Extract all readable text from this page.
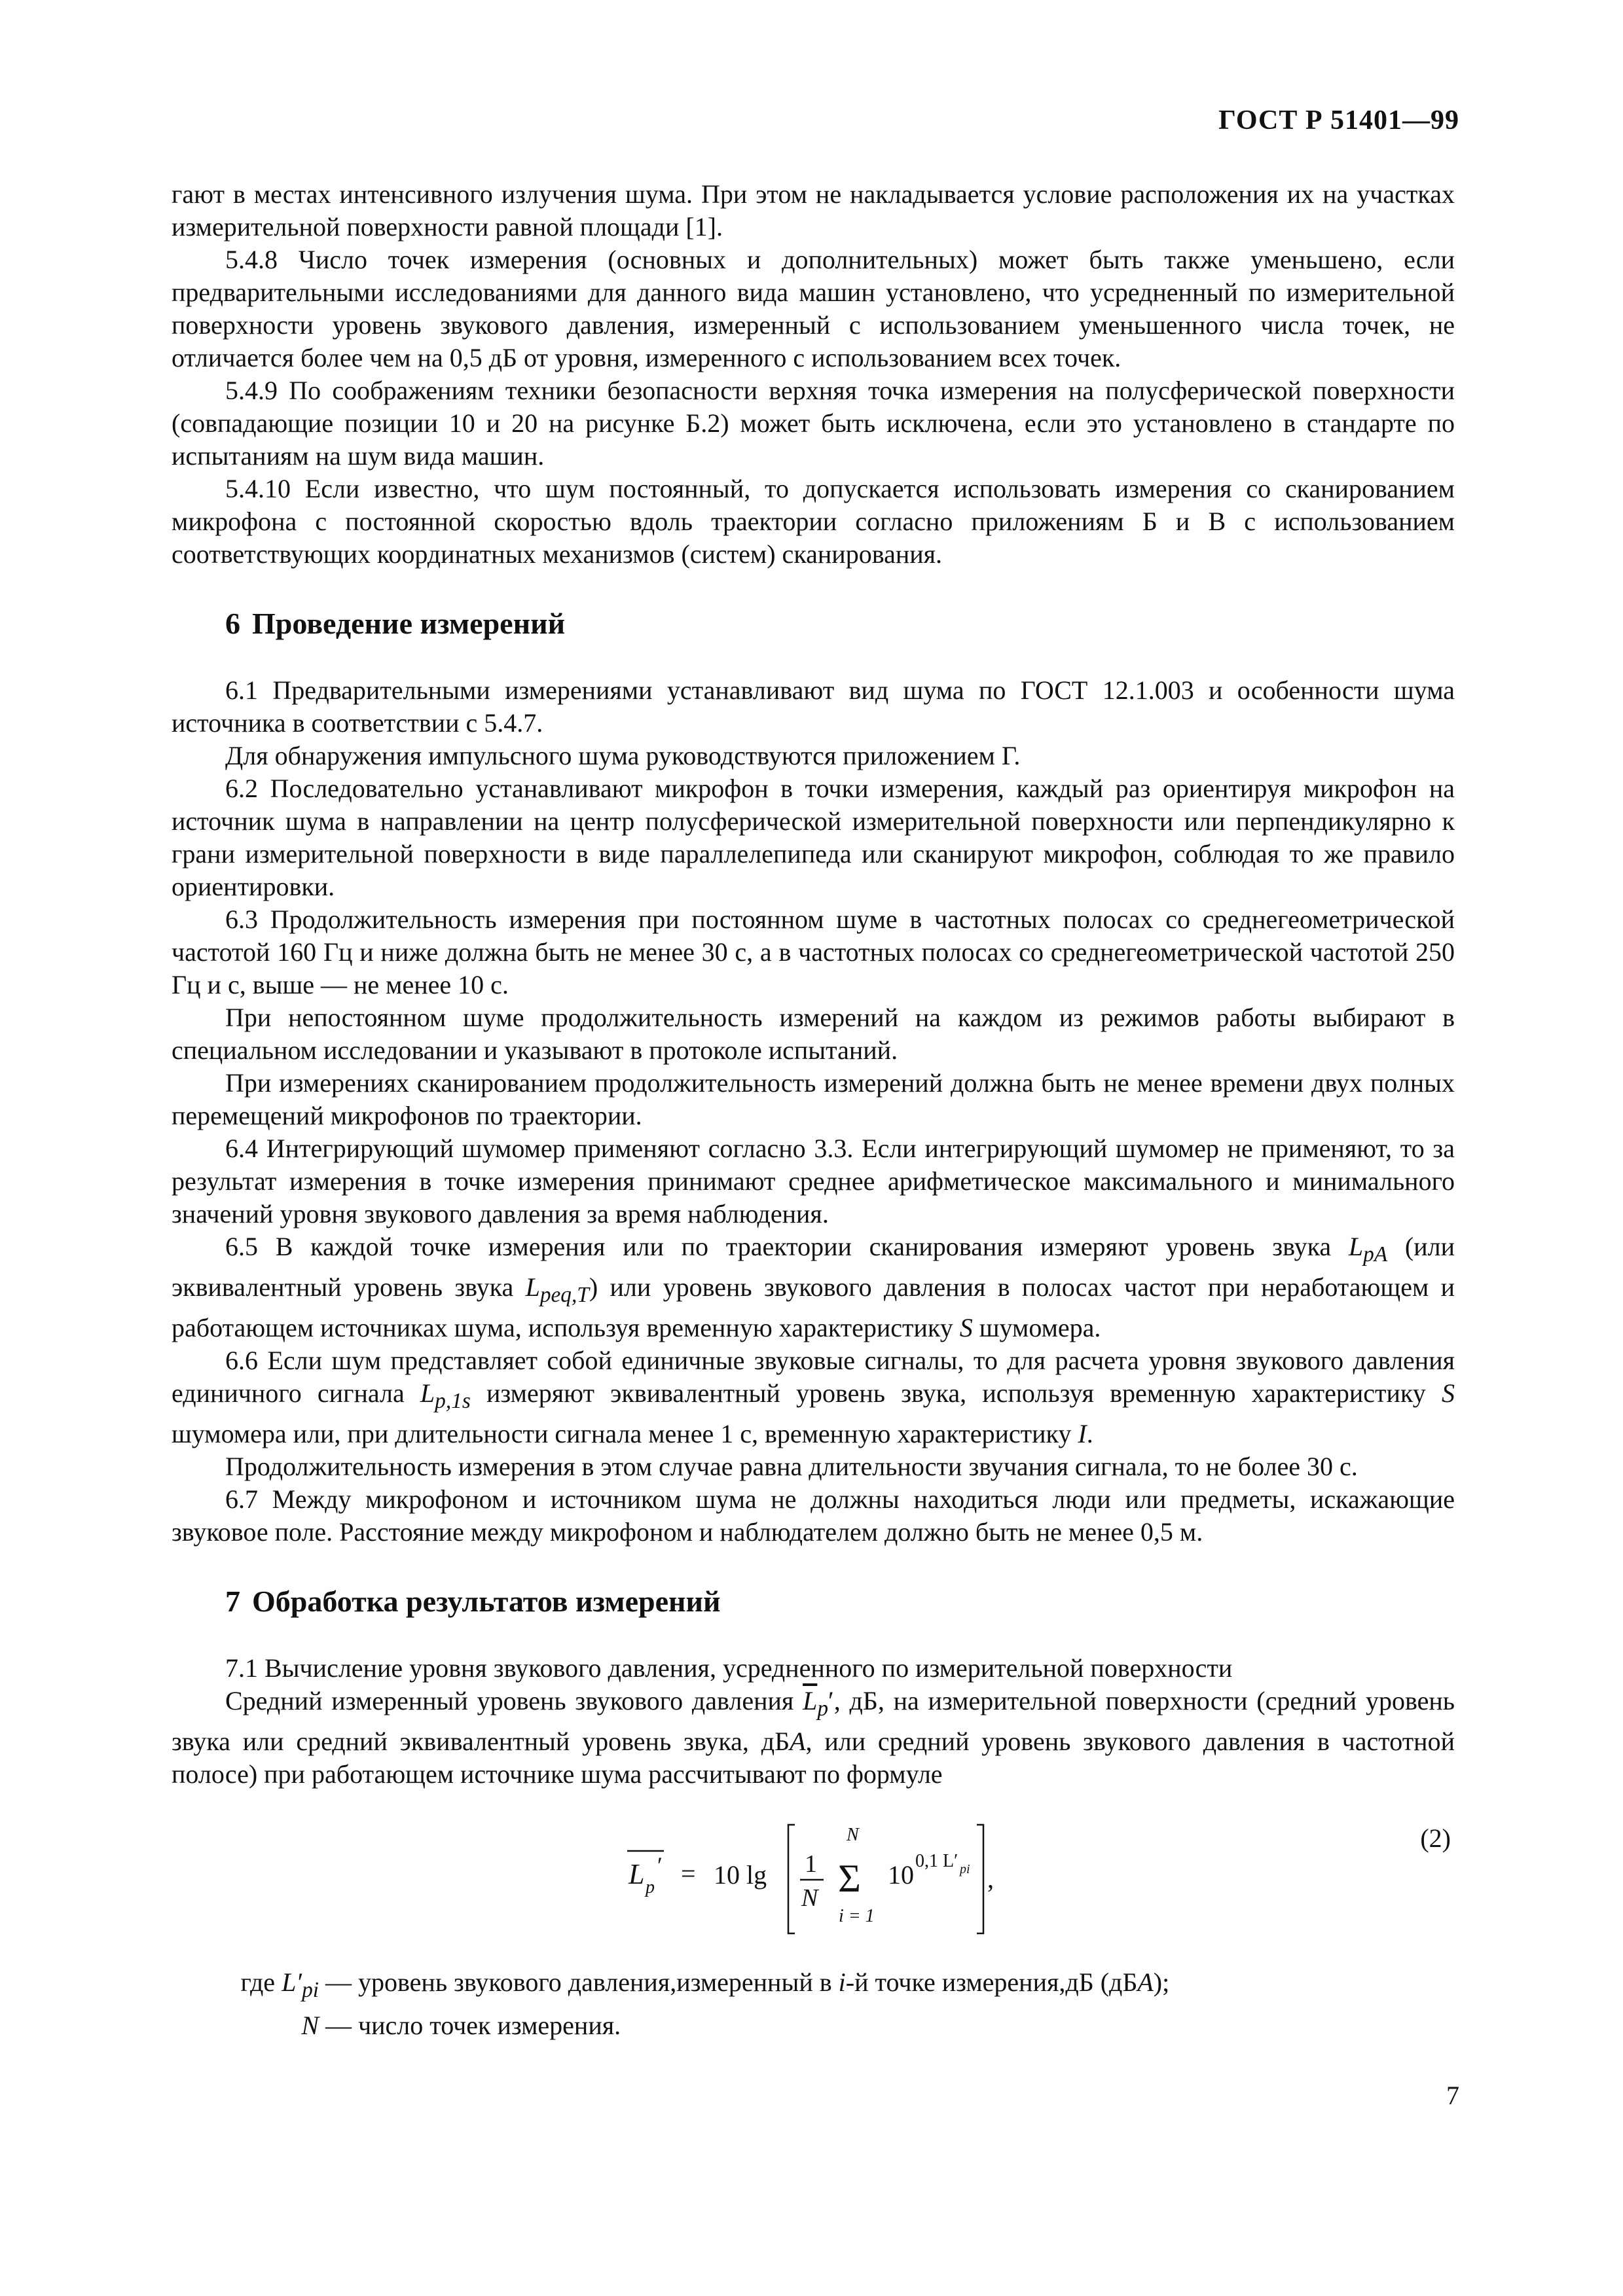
ГОСТ Р 51401—99

гают в местах интенсивного излучения шума. При этом не накладывается условие расположения их на участках измерительной поверхности равной площади [1].

5.4.8 Число точек измерения (основных и дополнительных) может быть также уменьшено, если предварительными исследованиями для данного вида машин установлено, что усредненный по измерительной поверхности уровень звукового давления, измеренный с использованием уменьшенного числа точек, не отличается более чем на 0,5 дБ от уровня, измеренного с использованием всех точек.

5.4.9 По соображениям техники безопасности верхняя точка измерения на полусферической поверхности (совпадающие позиции 10 и 20 на рисунке Б.2) может быть исключена, если это установлено в стандарте по испытаниям на шум вида машин.

5.4.10 Если известно, что шум постоянный, то допускается использовать измерения со сканированием микрофона с постоянной скоростью вдоль траектории согласно приложениям Б и В с использованием соответствующих координатных механизмов (систем) сканирования.

6 Проведение измерений

6.1 Предварительными измерениями устанавливают вид шума по ГОСТ 12.1.003 и особенности шума источника в соответствии с 5.4.7.

Для обнаружения импульсного шума руководствуются приложением Г.

6.2 Последовательно устанавливают микрофон в точки измерения, каждый раз ориентируя микрофон на источник шума в направлении на центр полусферической измерительной поверхности или перпендикулярно к грани измерительной поверхности в виде параллелепипеда или сканируют микрофон, соблюдая то же правило ориентировки.

6.3 Продолжительность измерения при постоянном шуме в частотных полосах со среднегеометрической частотой 160 Гц и ниже должна быть не менее 30 с, а в частотных полосах со среднегеометрической частотой 250 Гц и с, выше — не менее 10 с.

При непостоянном шуме продолжительность измерений на каждом из режимов работы выбирают в специальном исследовании и указывают в протоколе испытаний.

При измерениях сканированием продолжительность измерений должна быть не менее времени двух полных перемещений микрофонов по траектории.

6.4 Интегрирующий шумомер применяют согласно 3.3. Если интегрирующий шумомер не применяют, то за результат измерения в точке измерения принимают среднее арифметическое максимального и минимального значений уровня звукового давления за время наблюдения.

6.5 В каждой точке измерения или по траектории сканирования измеряют уровень звука $L_{pA}$ (или эквивалентный уровень звука $L_{peq,T}$) или уровень звукового давления в полосах частот при неработающем и работающем источниках шума, используя временную характеристику S шумомера.

6.6 Если шум представляет собой единичные звуковые сигналы, то для расчета уровня звукового давления единичного сигнала $L_{p,1s}$ измеряют эквивалентный уровень звука, используя временную характеристику S шумомера или, при длительности сигнала менее 1 с, временную характеристику I.

Продолжительность измерения в этом случае равна длительности звучания сигнала, то не более 30 с.

6.7 Между микрофоном и источником шума не должны находиться люди или предметы, искажающие звуковое поле. Расстояние между микрофоном и наблюдателем должно быть не менее 0,5 м.

7 Обработка результатов измерений

7.1 Вычисление уровня звукового давления, усредненного по измерительной поверхности

Средний измеренный уровень звукового давления $\overline{L}_p'$, дБ, на измерительной поверхности (средний уровень звука или средний эквивалентный уровень звука, дБA, или средний уровень звукового давления в частотной полосе) при работающем источнике шума рассчитывают по формуле

L p
′ = 10 lg 1
N
N
Σ
i = 1
10 0,1 L′ pi ,
(2)
где $L'_{pi}$ — уровень звукового давления,измеренный в i-й точке измерения,дБ (дБA);
N — число точек измерения.
7
